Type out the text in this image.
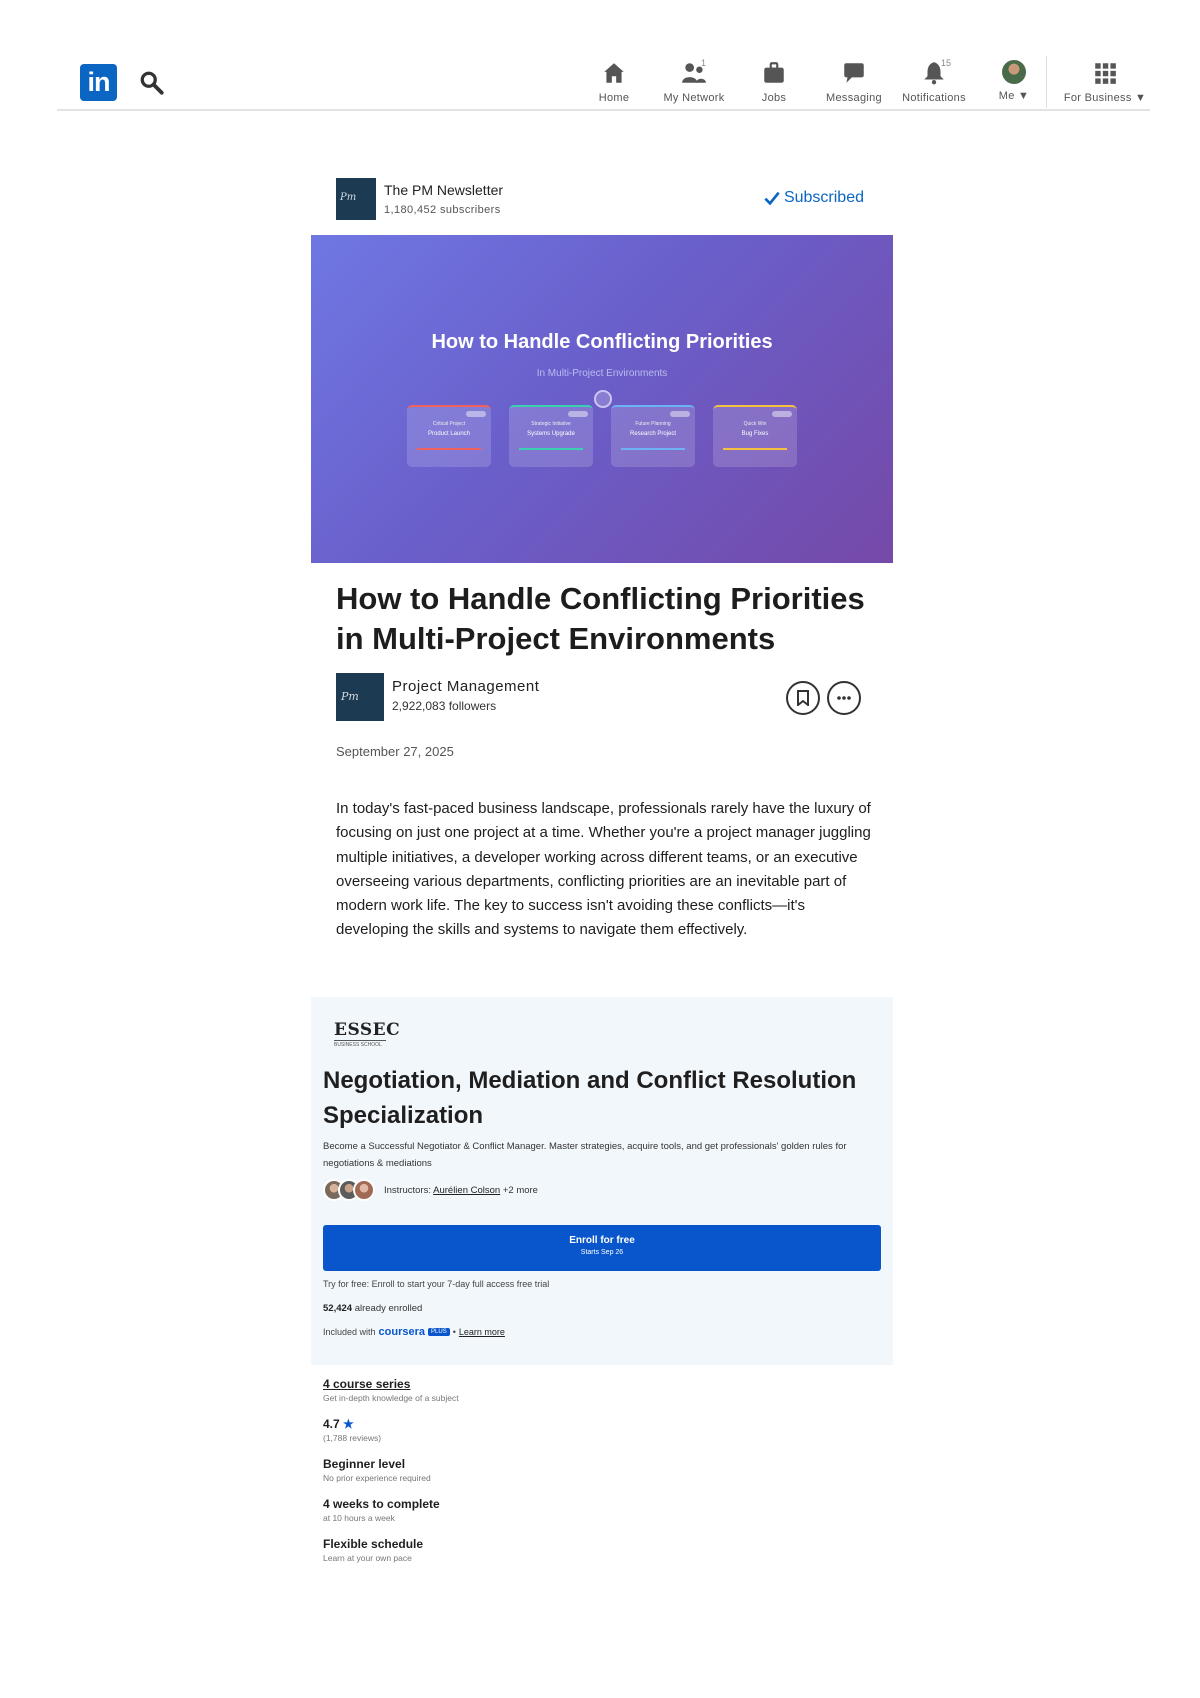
in
Home
1
My Network	Jobs	Messaging
15
Notifications	Me ▼	For Business ▼
Pm The PM Newsletter
1,180,452 subscribers
Subscribed
How to Handle Conflicting Priorities
In Multi-Project Environments
Critical Project
Product Launch
Strategic Initiative
Systems Upgrade
Future Planning
Research Project
Quick Win
Bug Fixes
How to Handle Conflicting Priorities in Multi-Project Environments
Pm
Project Management
2,922,083 followers
September 27, 2025

In today's fast-paced business landscape, professionals rarely have the luxury of focusing on just one project at a time. Whether you're a project manager juggling multiple initiatives, a developer working across different teams, or an executive overseeing various departments, conflicting priorities are an inevitable part of modern work life. The key to success isn't avoiding these conflicts—it's developing the skills and systems to navigate them effectively.

ESSEC
BUSINESS SCHOOL
Negotiation, Mediation and Conflict Resolution Specialization

Become a Successful Negotiator & Conflict Manager. Master strategies, acquire tools, and get professionals' golden rules for negotiations & mediations

Instructors: Aurélien Colson +2 more
Enroll for free
Starts Sep 26
Try for free: Enroll to start your 7-day full access free trial
52,424 already enrolled
Included with coursera	PLUS • Learn more
4 course series
Get in-depth knowledge of a subject
4.7 ★
(1,788 reviews)
Beginner level
No prior experience required
4 weeks to complete
at 10 hours a week
Flexible schedule
Learn at your own pace
